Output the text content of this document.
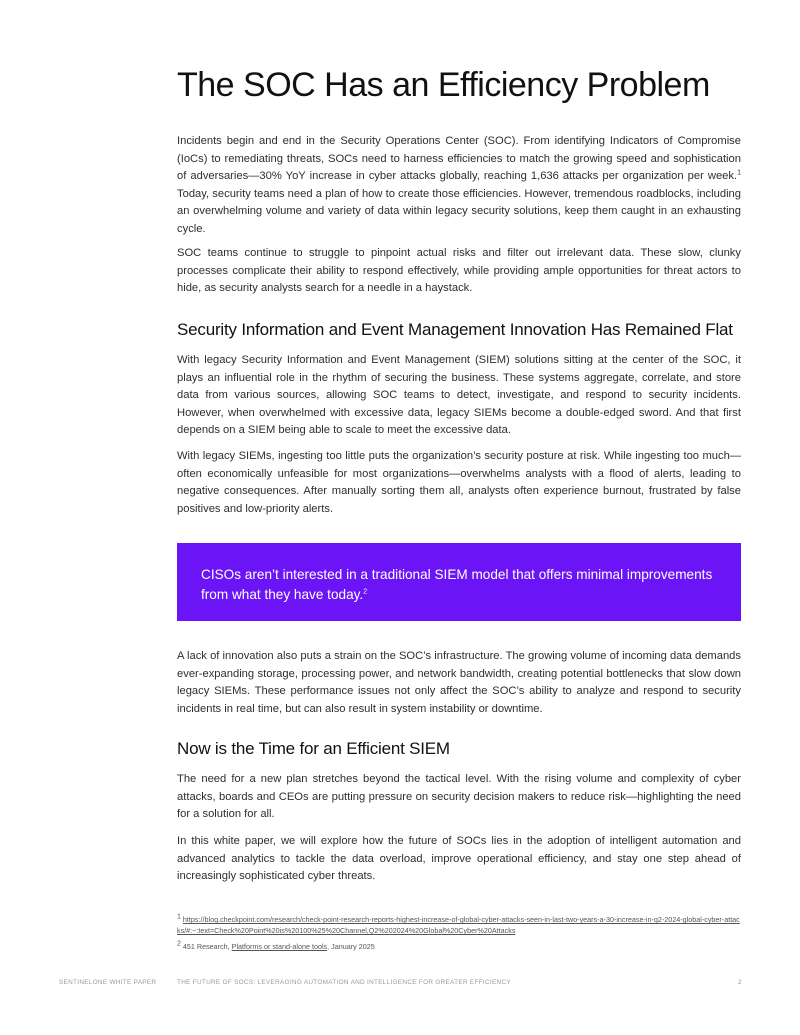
The SOC Has an Efficiency Problem

Incidents begin and end in the Security Operations Center (SOC). From identifying Indicators of Compromise (IoCs) to remediating threats, SOCs need to harness efficiencies to match the growing speed and sophistication of adversaries—30% YoY increase in cyber attacks globally, reaching 1,636 attacks per organization per week.$^1$ Today, security teams need a plan of how to create those efficiencies. However, tremendous roadblocks, including an overwhelming volume and variety of data within legacy security solutions, keep them caught in an exhausting cycle.

SOC teams continue to struggle to pinpoint actual risks and filter out irrelevant data. These slow, clunky processes complicate their ability to respond effectively, while providing ample opportunities for threat actors to hide, as security analysts search for a needle in a haystack.

Security Information and Event Management Innovation Has Remained Flat

With legacy Security Information and Event Management (SIEM) solutions sitting at the center of the SOC, it plays an influential role in the rhythm of securing the business. These systems aggregate, correlate, and store data from various sources, allowing SOC teams to detect, investigate, and respond to security incidents. However, when overwhelmed with excessive data, legacy SIEMs become a double-edged sword. And that first depends on a SIEM being able to scale to meet the excessive data.

With legacy SIEMs, ingesting too little puts the organization’s security posture at risk. While ingesting too much—often economically unfeasible for most organizations—overwhelms analysts with a flood of alerts, leading to negative consequences. After manually sorting them all, analysts often experience burnout, frustrated by false positives and low-priority alerts.

CISOs aren’t interested in a traditional SIEM model that offers minimal improvements from what they have today.$^2$

A lack of innovation also puts a strain on the SOC’s infrastructure. The growing volume of incoming data demands ever-expanding storage, processing power, and network bandwidth, creating potential bottlenecks that slow down legacy SIEMs. These performance issues not only affect the SOC’s ability to analyze and respond to security incidents in real time, but can also result in system instability or downtime.

Now is the Time for an Efficient SIEM

The need for a new plan stretches beyond the tactical level. With the rising volume and complexity of cyber attacks, boards and CEOs are putting pressure on security decision makers to reduce risk—highlighting the need for a solution for all.

In this white paper, we will explore how the future of SOCs lies in the adoption of intelligent automation and advanced analytics to tackle the data overload, improve operational efficiency, and stay one step ahead of increasingly sophisticated cyber threats.

$^1$ https://blog.checkpoint.com/research/check-point-research-reports-highest-increase-of-global-cyber-attacks-seen-in-last-two-years-a-30-increase-in-q2-2024-global-cyber-attacks/#:~:text=Check%20Point%20is%20100%25%20Channel,Q2%202024%20Global%20Cyber%20Attacks

$^2$ 451 Research, Platforms or stand-alone tools, January 2025

SENTINELONE WHITE PAPER	THE FUTURE OF SOCS: LEVERAGING AUTOMATION AND INTELLIGENCE FOR GREATER EFFICIENCY	2
